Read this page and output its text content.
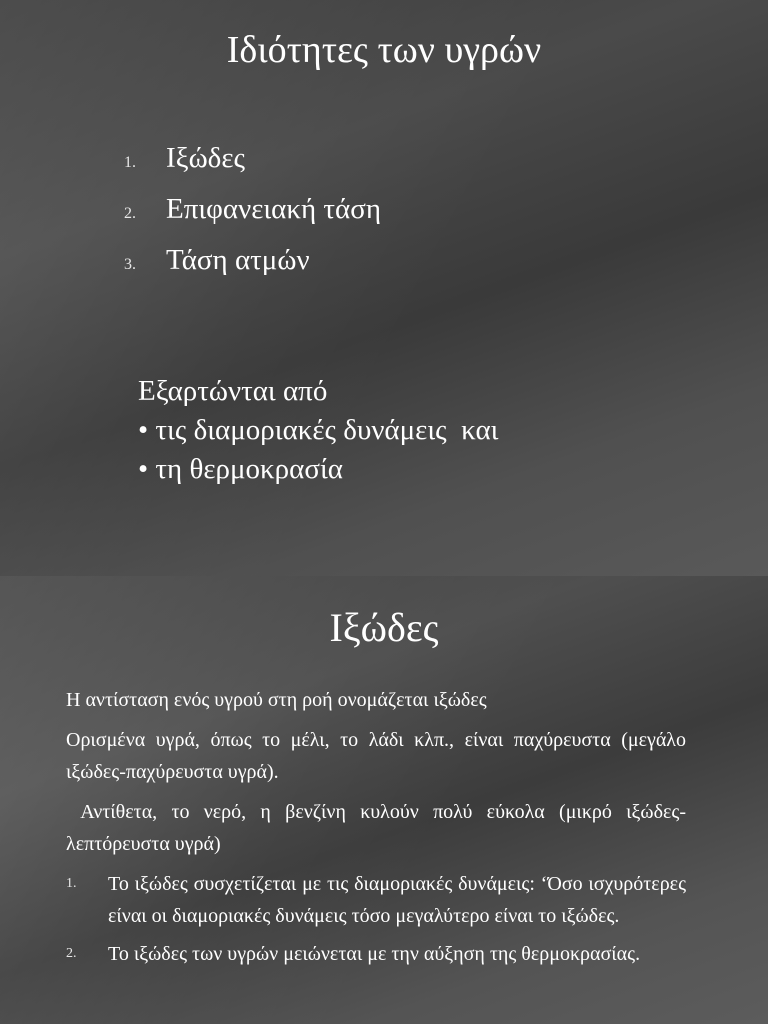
Ιδιότητες των υγρών
1.	Ιξώδες
2.	Επιφανειακή τάση
3.	Τάση ατμών
Εξαρτώνται από
• τις διαμοριακές δυνάμεις  και
• τη θερμοκρασία
Ιξώδες

Η αντίσταση ενός υγρού στη ροή ονομάζεται ιξώδες

Ορισμένα υγρά, όπως το μέλι, το λάδι κλπ., είναι παχύρευστα (μεγάλο ιξώδες-παχύρευστα υγρά).

Αντίθετα, το νερό, η βενζίνη κυλούν πολύ εύκολα (μικρό ιξώδες- λεπτόρευστα υγρά)

1.	Το ιξώδες συσχετίζεται με τις διαμοριακές δυνάμεις: ‘Όσο ισχυρότερες είναι οι διαμοριακές δυνάμεις τόσο μεγαλύτερο είναι το ιξώδες.
2.	Το ιξώδες των υγρών μειώνεται με την αύξηση της θερμοκρασίας.
